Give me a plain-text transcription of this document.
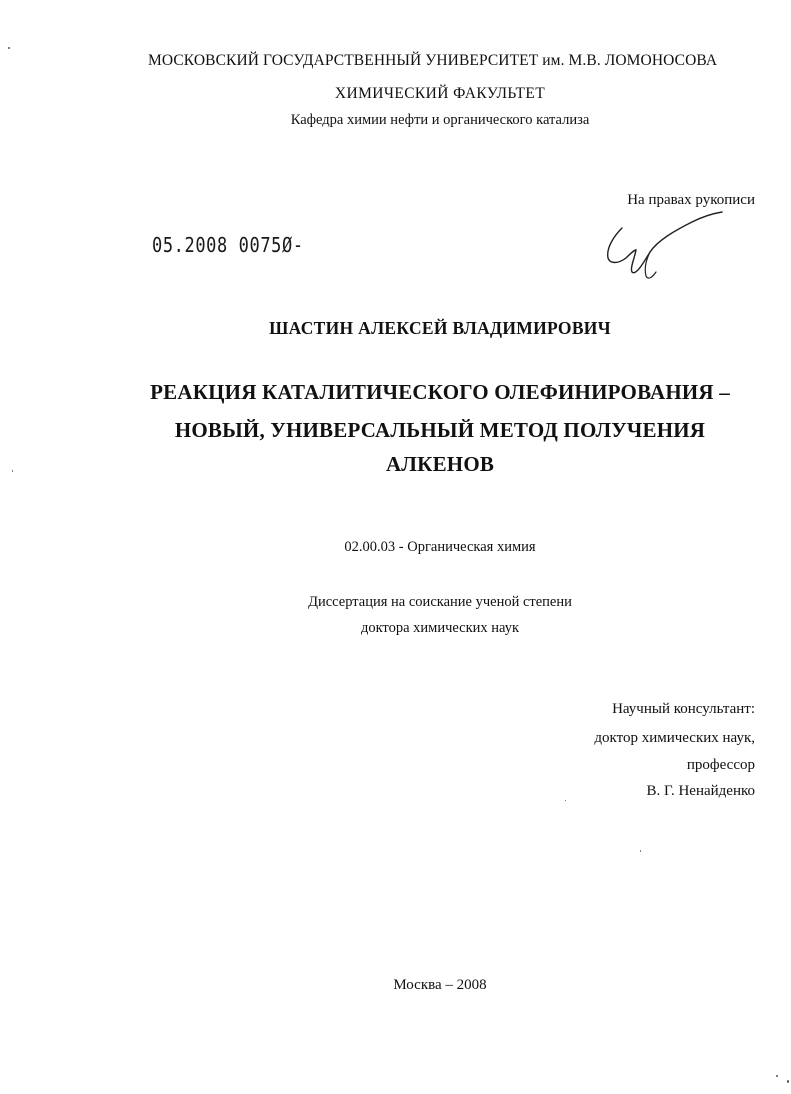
МОСКОВСКИЙ ГОСУДАРСТВЕННЫЙ УНИВЕРСИТЕТ им. М.В. ЛОМОНОСОВА
ХИМИЧЕСКИЙ ФАКУЛЬТЕТ
Кафедра химии нефти и органического катализа
На правах рукописи
05.2008 0075Ø-
ШАСТИН АЛЕКСЕЙ ВЛАДИМИРОВИЧ
РЕАКЦИЯ КАТАЛИТИЧЕСКОГО ОЛЕФИНИРОВАНИЯ –
НОВЫЙ, УНИВЕРСАЛЬНЫЙ МЕТОД ПОЛУЧЕНИЯ
АЛКЕНОВ
02.00.03 - Органическая химия
Диссертация на соискание ученой степени
доктора химических наук
Научный консультант:
доктор химических наук,
профессор
В. Г. Ненайденко
Москва – 2008
